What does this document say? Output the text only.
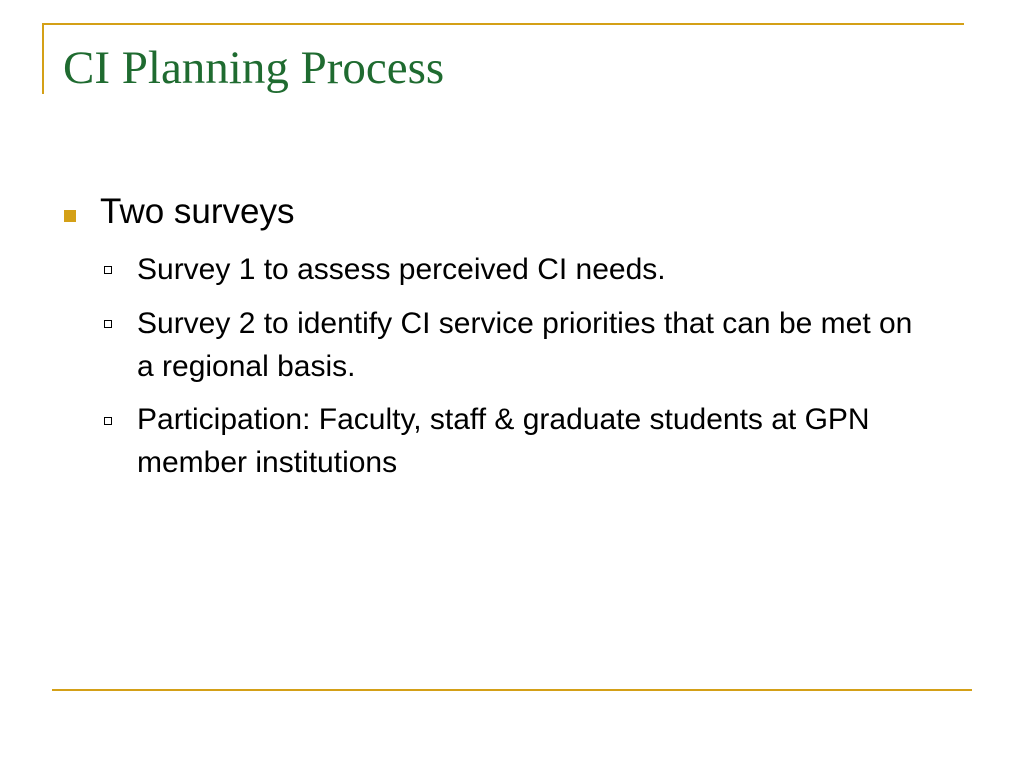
CI Planning Process
Two surveys
Survey 1 to assess perceived CI needs.
Survey 2 to identify CI service priorities that can be met on a regional basis.
Participation: Faculty, staff & graduate students at GPN member institutions
